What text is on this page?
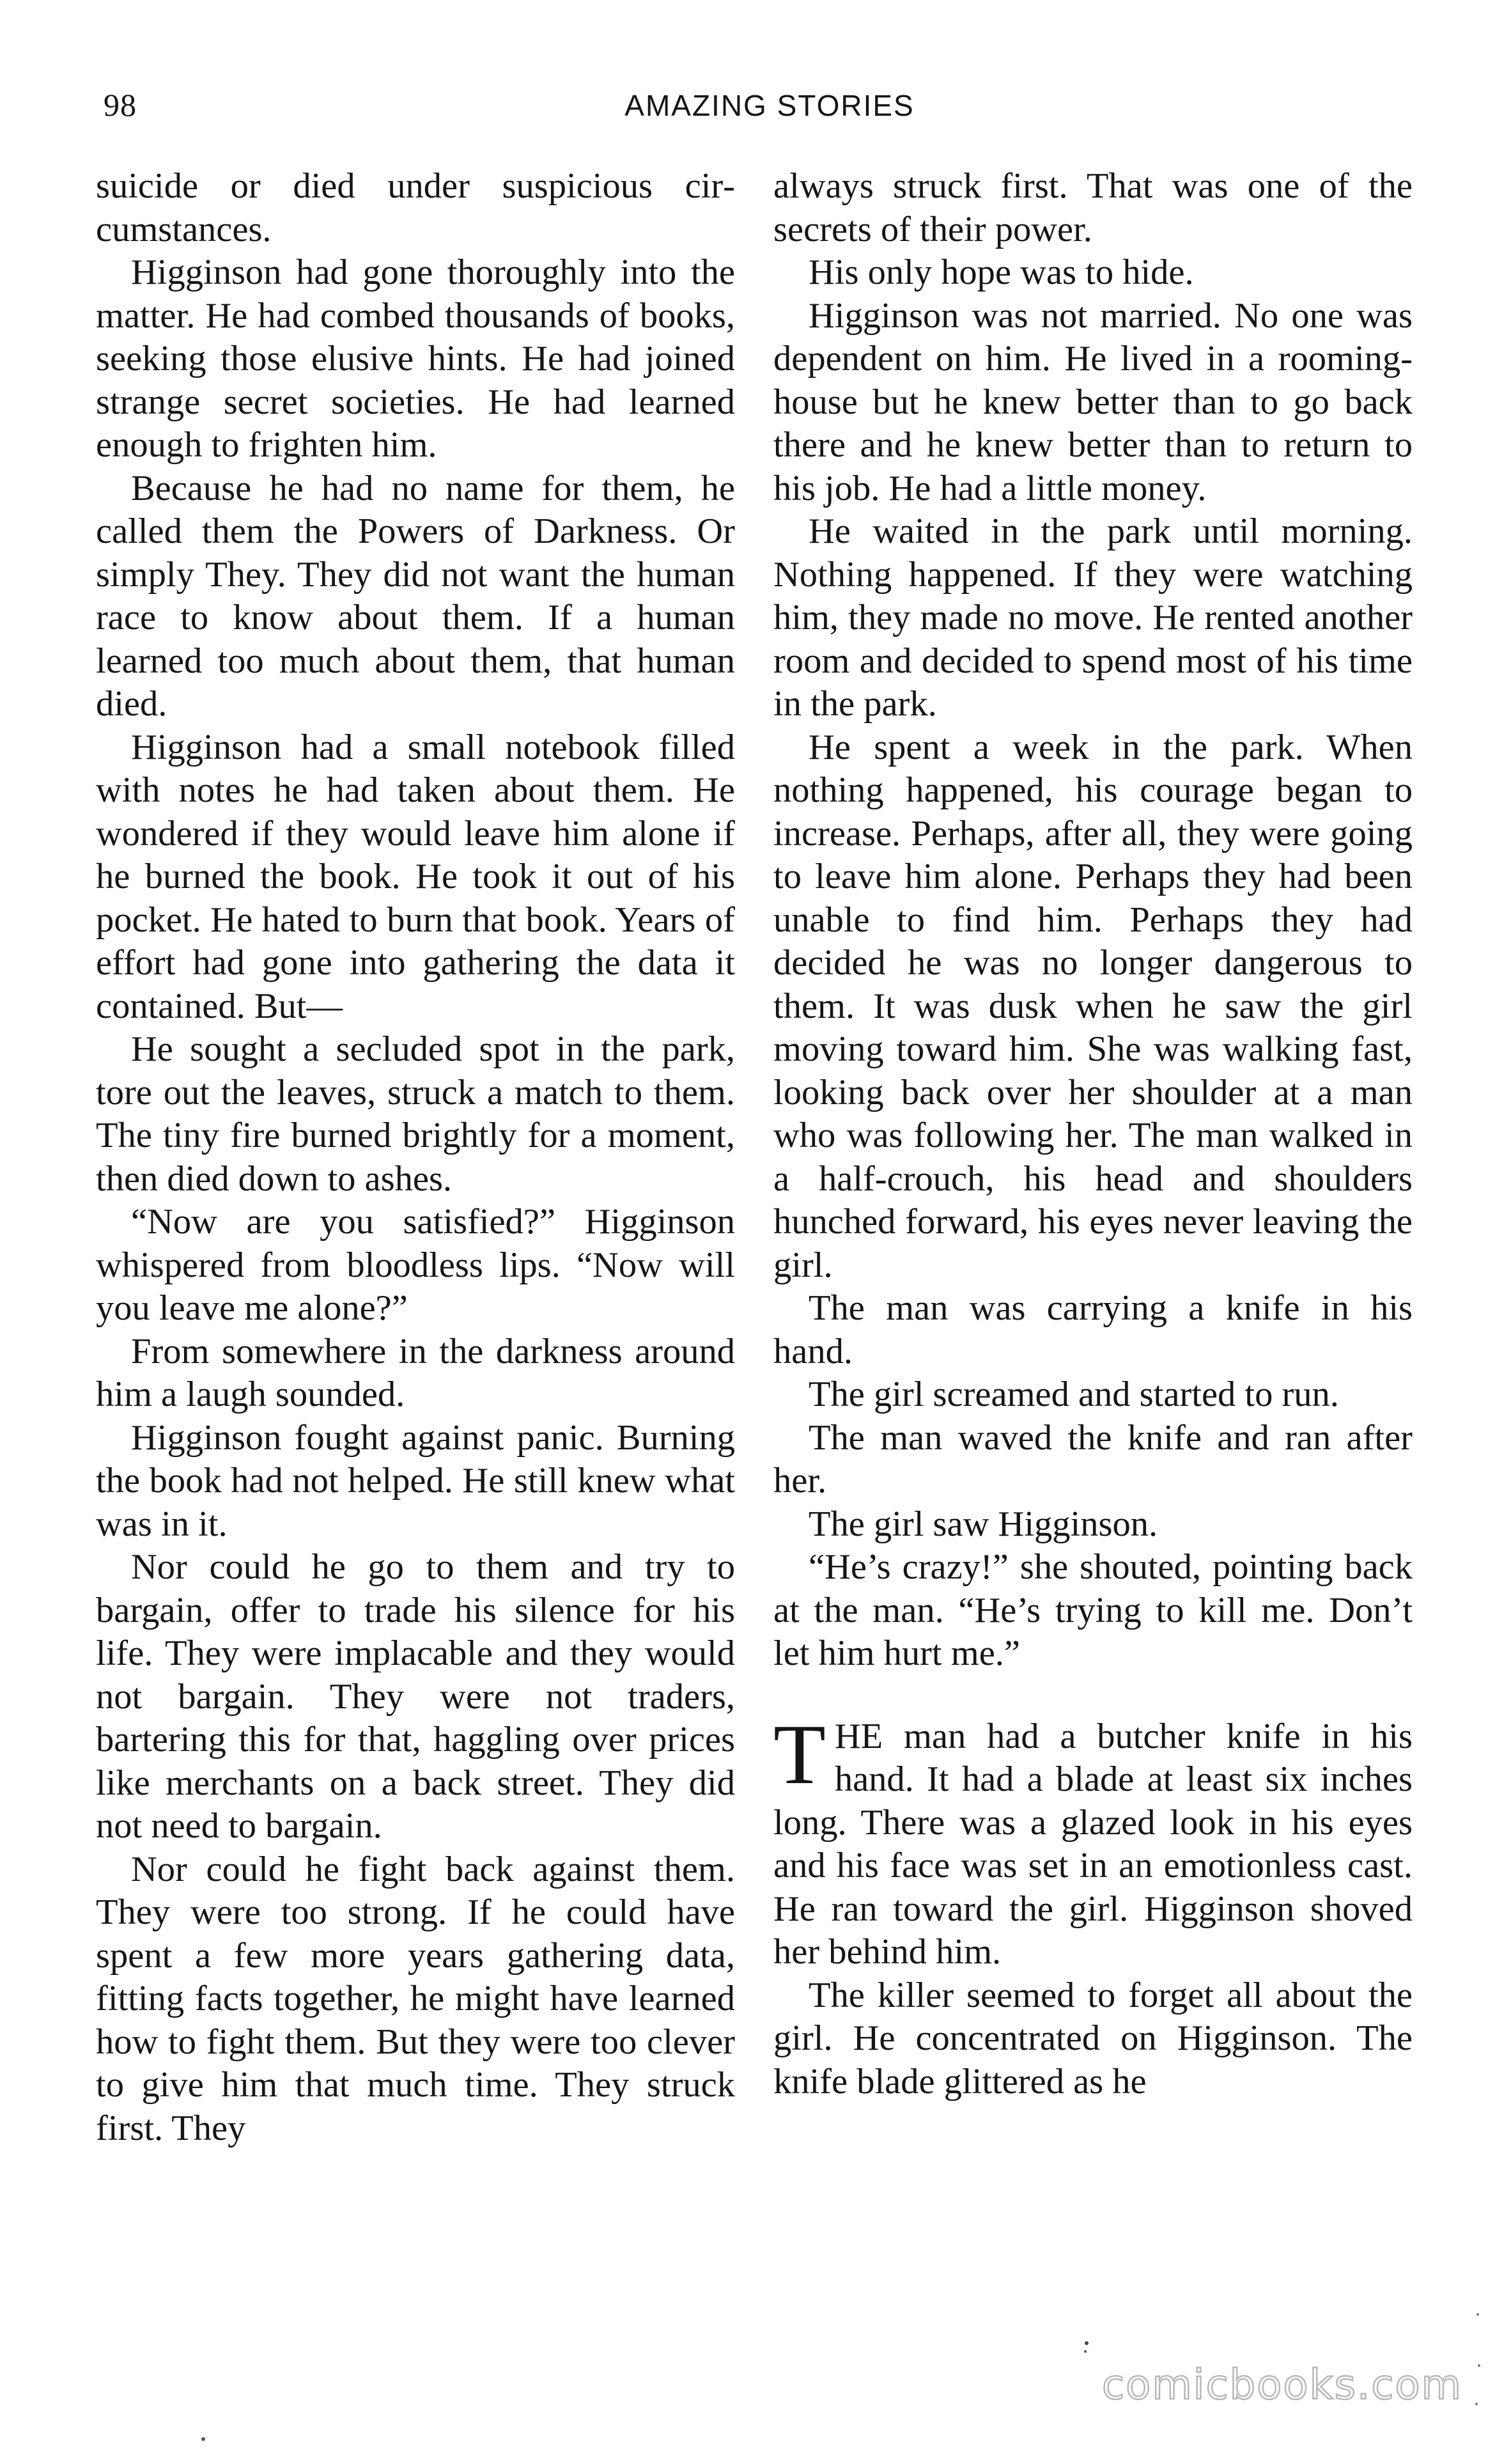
98	AMAZING STORIES

suicide or died under suspicious circumstances.

Higginson had gone thoroughly into the matter. He had combed thousands of books, seeking those elusive hints. He had joined strange secret societies. He had learned enough to frighten him.

Because he had no name for them, he called them the Powers of Darkness. Or simply They. They did not want the human race to know about them. If a human learned too much about them, that human died.

Higginson had a small notebook filled with notes he had taken about them. He wondered if they would leave him alone if he burned the book. He took it out of his pocket. He hated to burn that book. Years of effort had gone into gathering the data it contained. But—

He sought a secluded spot in the park, tore out the leaves, struck a match to them. The tiny fire burned brightly for a moment, then died down to ashes.

“Now are you satisfied?” Higginson whispered from bloodless lips. “Now will you leave me alone?”

From somewhere in the darkness around him a laugh sounded.

Higginson fought against panic. Burning the book had not helped. He still knew what was in it.

Nor could he go to them and try to bargain, offer to trade his silence for his life. They were implacable and they would not bargain. They were not traders, bartering this for that, haggling over prices like merchants on a back street. They did not need to bargain.

Nor could he fight back against them. They were too strong. If he could have spent a few more years gathering data, fitting facts together, he might have learned how to fight them. But they were too clever to give him that much time. They struck first. They

always struck first. That was one of the secrets of their power.

His only hope was to hide.

Higginson was not married. No one was dependent on him. He lived in a rooming-house but he knew better than to go back there and he knew better than to return to his job. He had a little money.

He waited in the park until morning. Nothing happened. If they were watching him, they made no move. He rented another room and decided to spend most of his time in the park.

He spent a week in the park. When nothing happened, his courage began to increase. Perhaps, after all, they were going to leave him alone. Perhaps they had been unable to find him. Perhaps they had decided he was no longer dangerous to them. It was dusk when he saw the girl moving toward him. She was walking fast, looking back over her shoulder at a man who was following her. The man walked in a half-crouch, his head and shoulders hunched forward, his eyes never leaving the girl.

The man was carrying a knife in his hand.

The girl screamed and started to run.

The man waved the knife and ran after her.

The girl saw Higginson.

“He’s crazy!” she shouted, pointing back at the man. “He’s trying to kill me. Don’t let him hurt me.”

THE man had a butcher knife in his hand. It had a blade at least six inches long. There was a glazed look in his eyes and his face was set in an emotionless cast. He ran toward the girl. Higginson shoved her behind him.

The killer seemed to forget all about the girl. He concentrated on Higginson. The knife blade glittered as he

comicbooks.com
